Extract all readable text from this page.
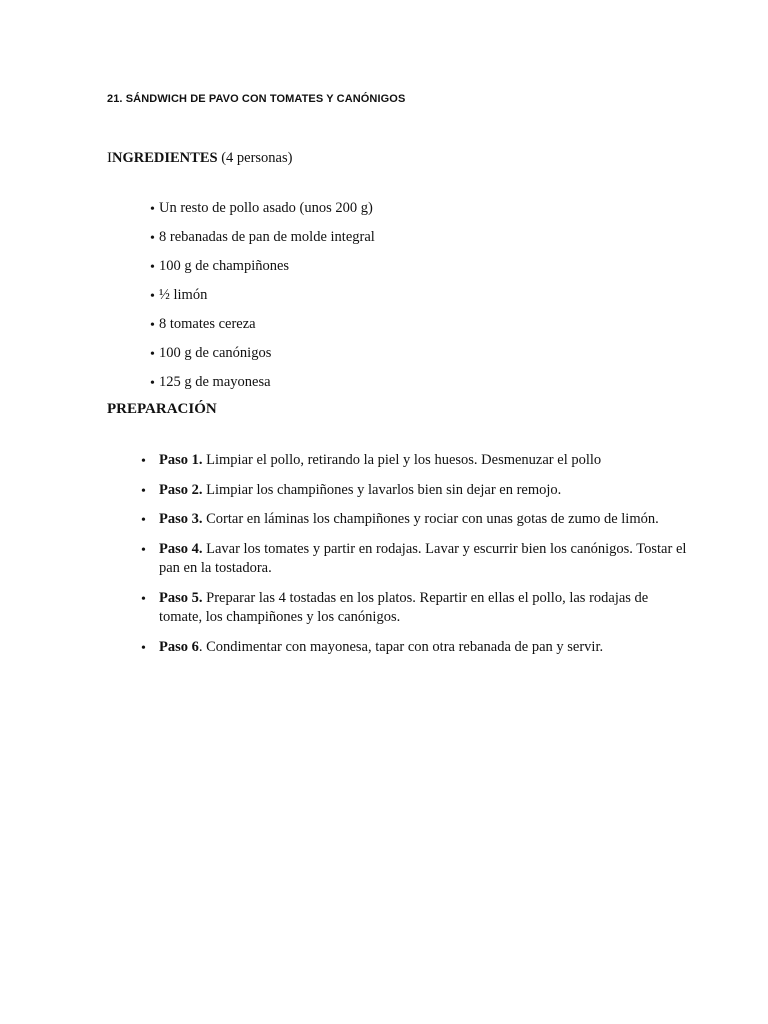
21. SÁNDWICH DE PAVO CON TOMATES Y CANÓNIGOS
INGREDIENTES (4 personas)
• Un resto de pollo asado (unos 200 g)
• 8 rebanadas de pan de molde integral
• 100 g de champiñones
• ½ limón
• 8 tomates cereza
• 100 g de canónigos
• 125 g de mayonesa
PREPARACIÓN
• Paso 1. Limpiar el pollo, retirando la piel y los huesos. Desmenuzar el pollo
• Paso 2. Limpiar los champiñones y lavarlos bien sin dejar en remojo.
• Paso 3. Cortar en láminas los champiñones y rociar con unas gotas de zumo de limón.
• Paso 4. Lavar los tomates y partir en rodajas. Lavar y escurrir bien los canónigos. Tostar el pan en la tostadora.
• Paso 5. Preparar las 4 tostadas en los platos. Repartir en ellas el pollo, las rodajas de tomate, los champiñones y los canónigos.
• Paso 6. Condimentar con mayonesa, tapar con otra rebanada de pan y servir.
